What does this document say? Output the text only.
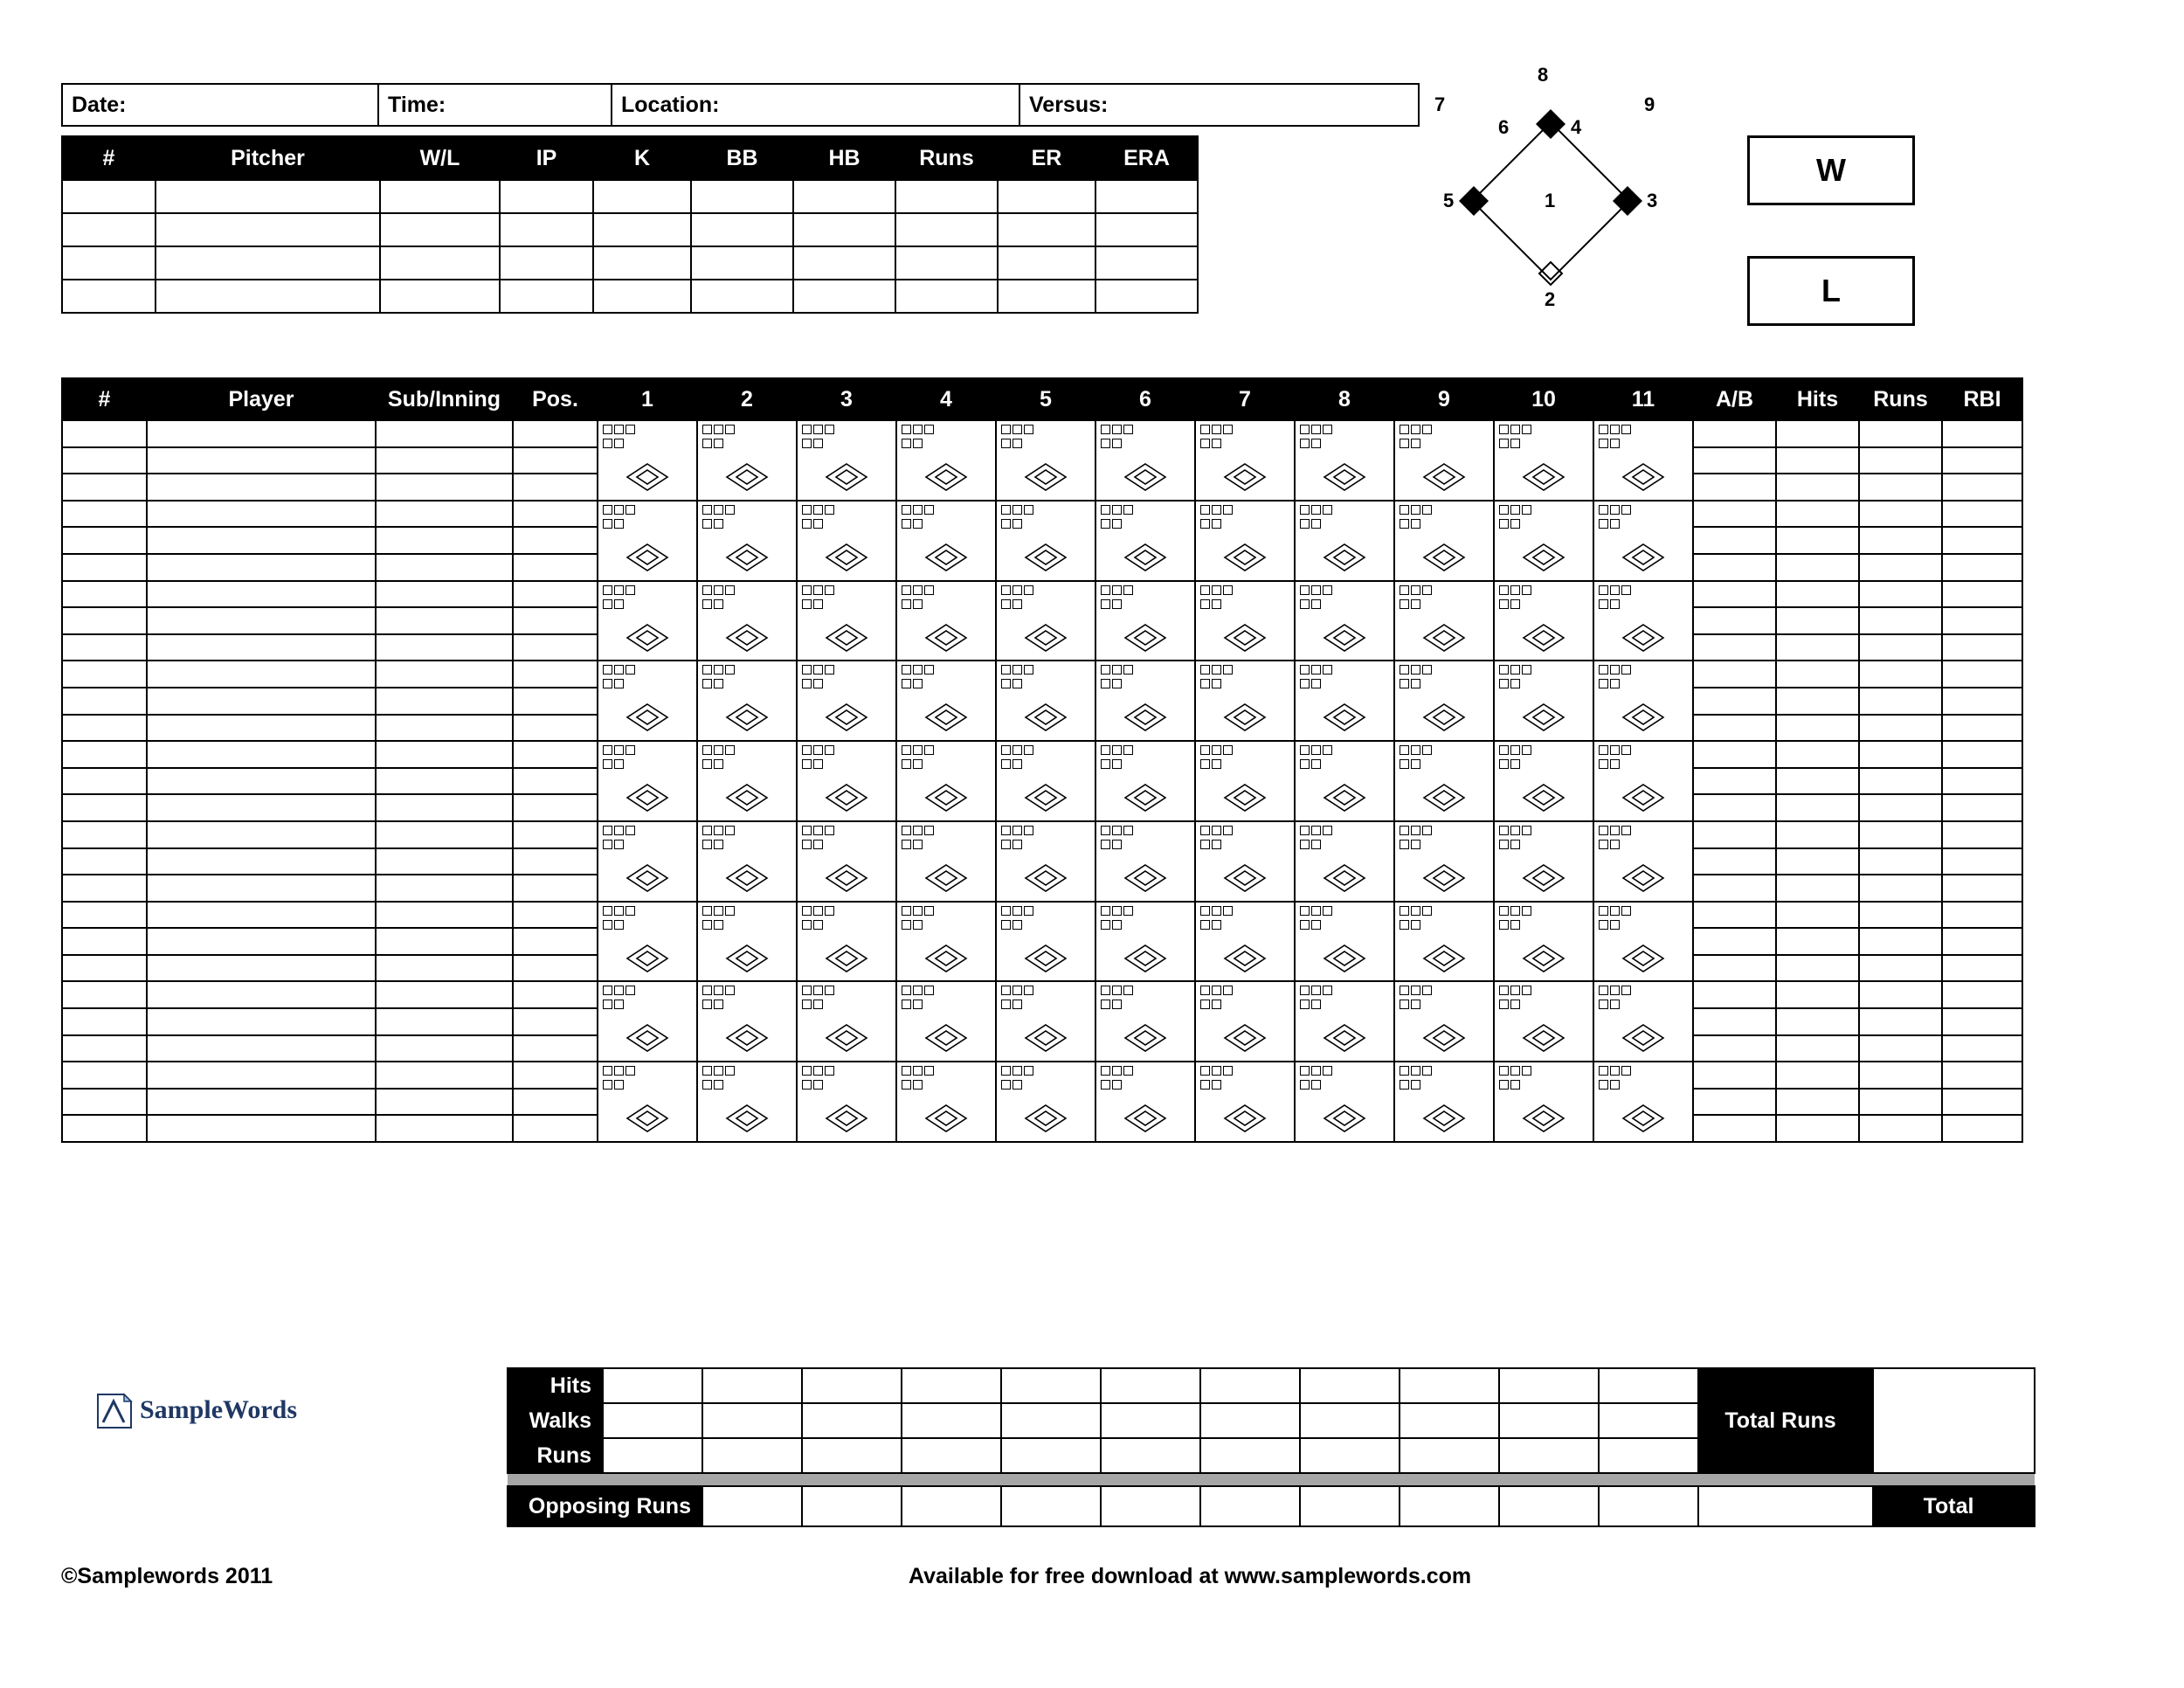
Date:	Time:	Location:	Versus:
#	Pitcher	W/L	IP	K	BB	HB	Runs	ER	ERA

8
7	9
6	4
5	3
1
2
W
L
#	Player	Sub/Inning	Pos.	1	2	3	4	5	6	7	8	9	10	11	A/B	Hits	Runs	RBI

	Hits												Total Runs		
	Walks														
	Runs														

	Opposing Runs													Total	
SampleWords
©Samplewords 2011	Available for free download at www.samplewords.com
